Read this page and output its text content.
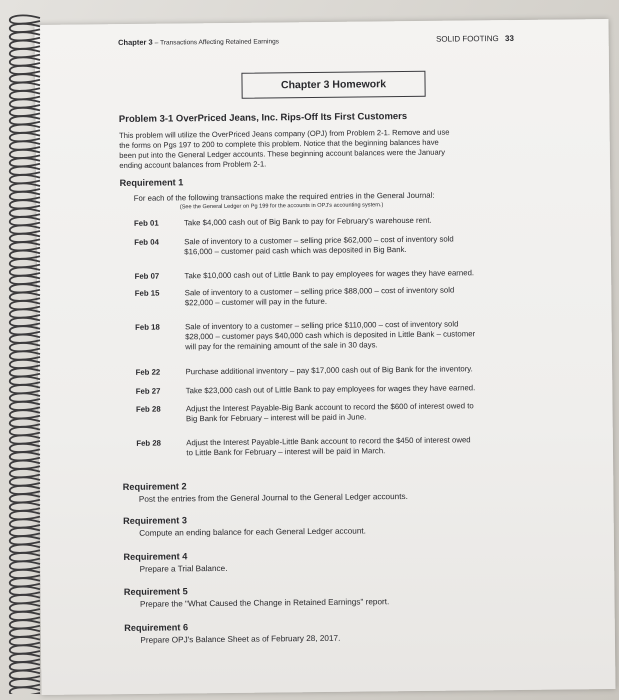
Chapter 3 – Transactions Affecting Retained Earnings	SOLID FOOTING 33
Chapter 3 Homework
Problem 3-1 OverPriced Jeans, Inc. Rips-Off Its First Customers
This problem will utilize the OverPriced Jeans company (OPJ) from Problem 2-1. Remove and use
the forms on Pgs 197 to 200 to complete this problem. Notice that the beginning balances have
been put into the General Ledger accounts. These beginning account balances were the January
ending account balances from Problem 2-1.
Requirement 1
For each of the following transactions make the required entries in the General Journal:
(See the General Ledger on Pg 199 for the accounts in OPJ's accounting system.)
Feb 01	Take $4,000 cash out of Big Bank to pay for February's warehouse rent.
Feb 04	Sale of inventory to a customer – selling price $62,000 – cost of inventory sold
$16,000 – customer paid cash which was deposited in Big Bank.
Feb 07	Take $10,000 cash out of Little Bank to pay employees for wages they have earned.
Feb 15	Sale of inventory to a customer – selling price $88,000 – cost of inventory sold
$22,000 – customer will pay in the future.
Feb 18	Sale of inventory to a customer – selling price $110,000 – cost of inventory sold
$28,000 – customer pays $40,000 cash which is deposited in Little Bank – customer
will pay for the remaining amount of the sale in 30 days.
Feb 22	Purchase additional inventory – pay $17,000 cash out of Big Bank for the inventory.
Feb 27	Take $23,000 cash out of Little Bank to pay employees for wages they have earned.
Feb 28	Adjust the Interest Payable-Big Bank account to record the $600 of interest owed to
Big Bank for February – interest will be paid in June.
Feb 28	Adjust the Interest Payable-Little Bank account to record the $450 of interest owed
to Little Bank for February – interest will be paid in March.
Requirement 2
Post the entries from the General Journal to the General Ledger accounts.
Requirement 3
Compute an ending balance for each General Ledger account.
Requirement 4
Prepare a Trial Balance.
Requirement 5
Prepare the "What Caused the Change in Retained Earnings" report.
Requirement 6
Prepare OPJ's Balance Sheet as of February 28, 2017.
